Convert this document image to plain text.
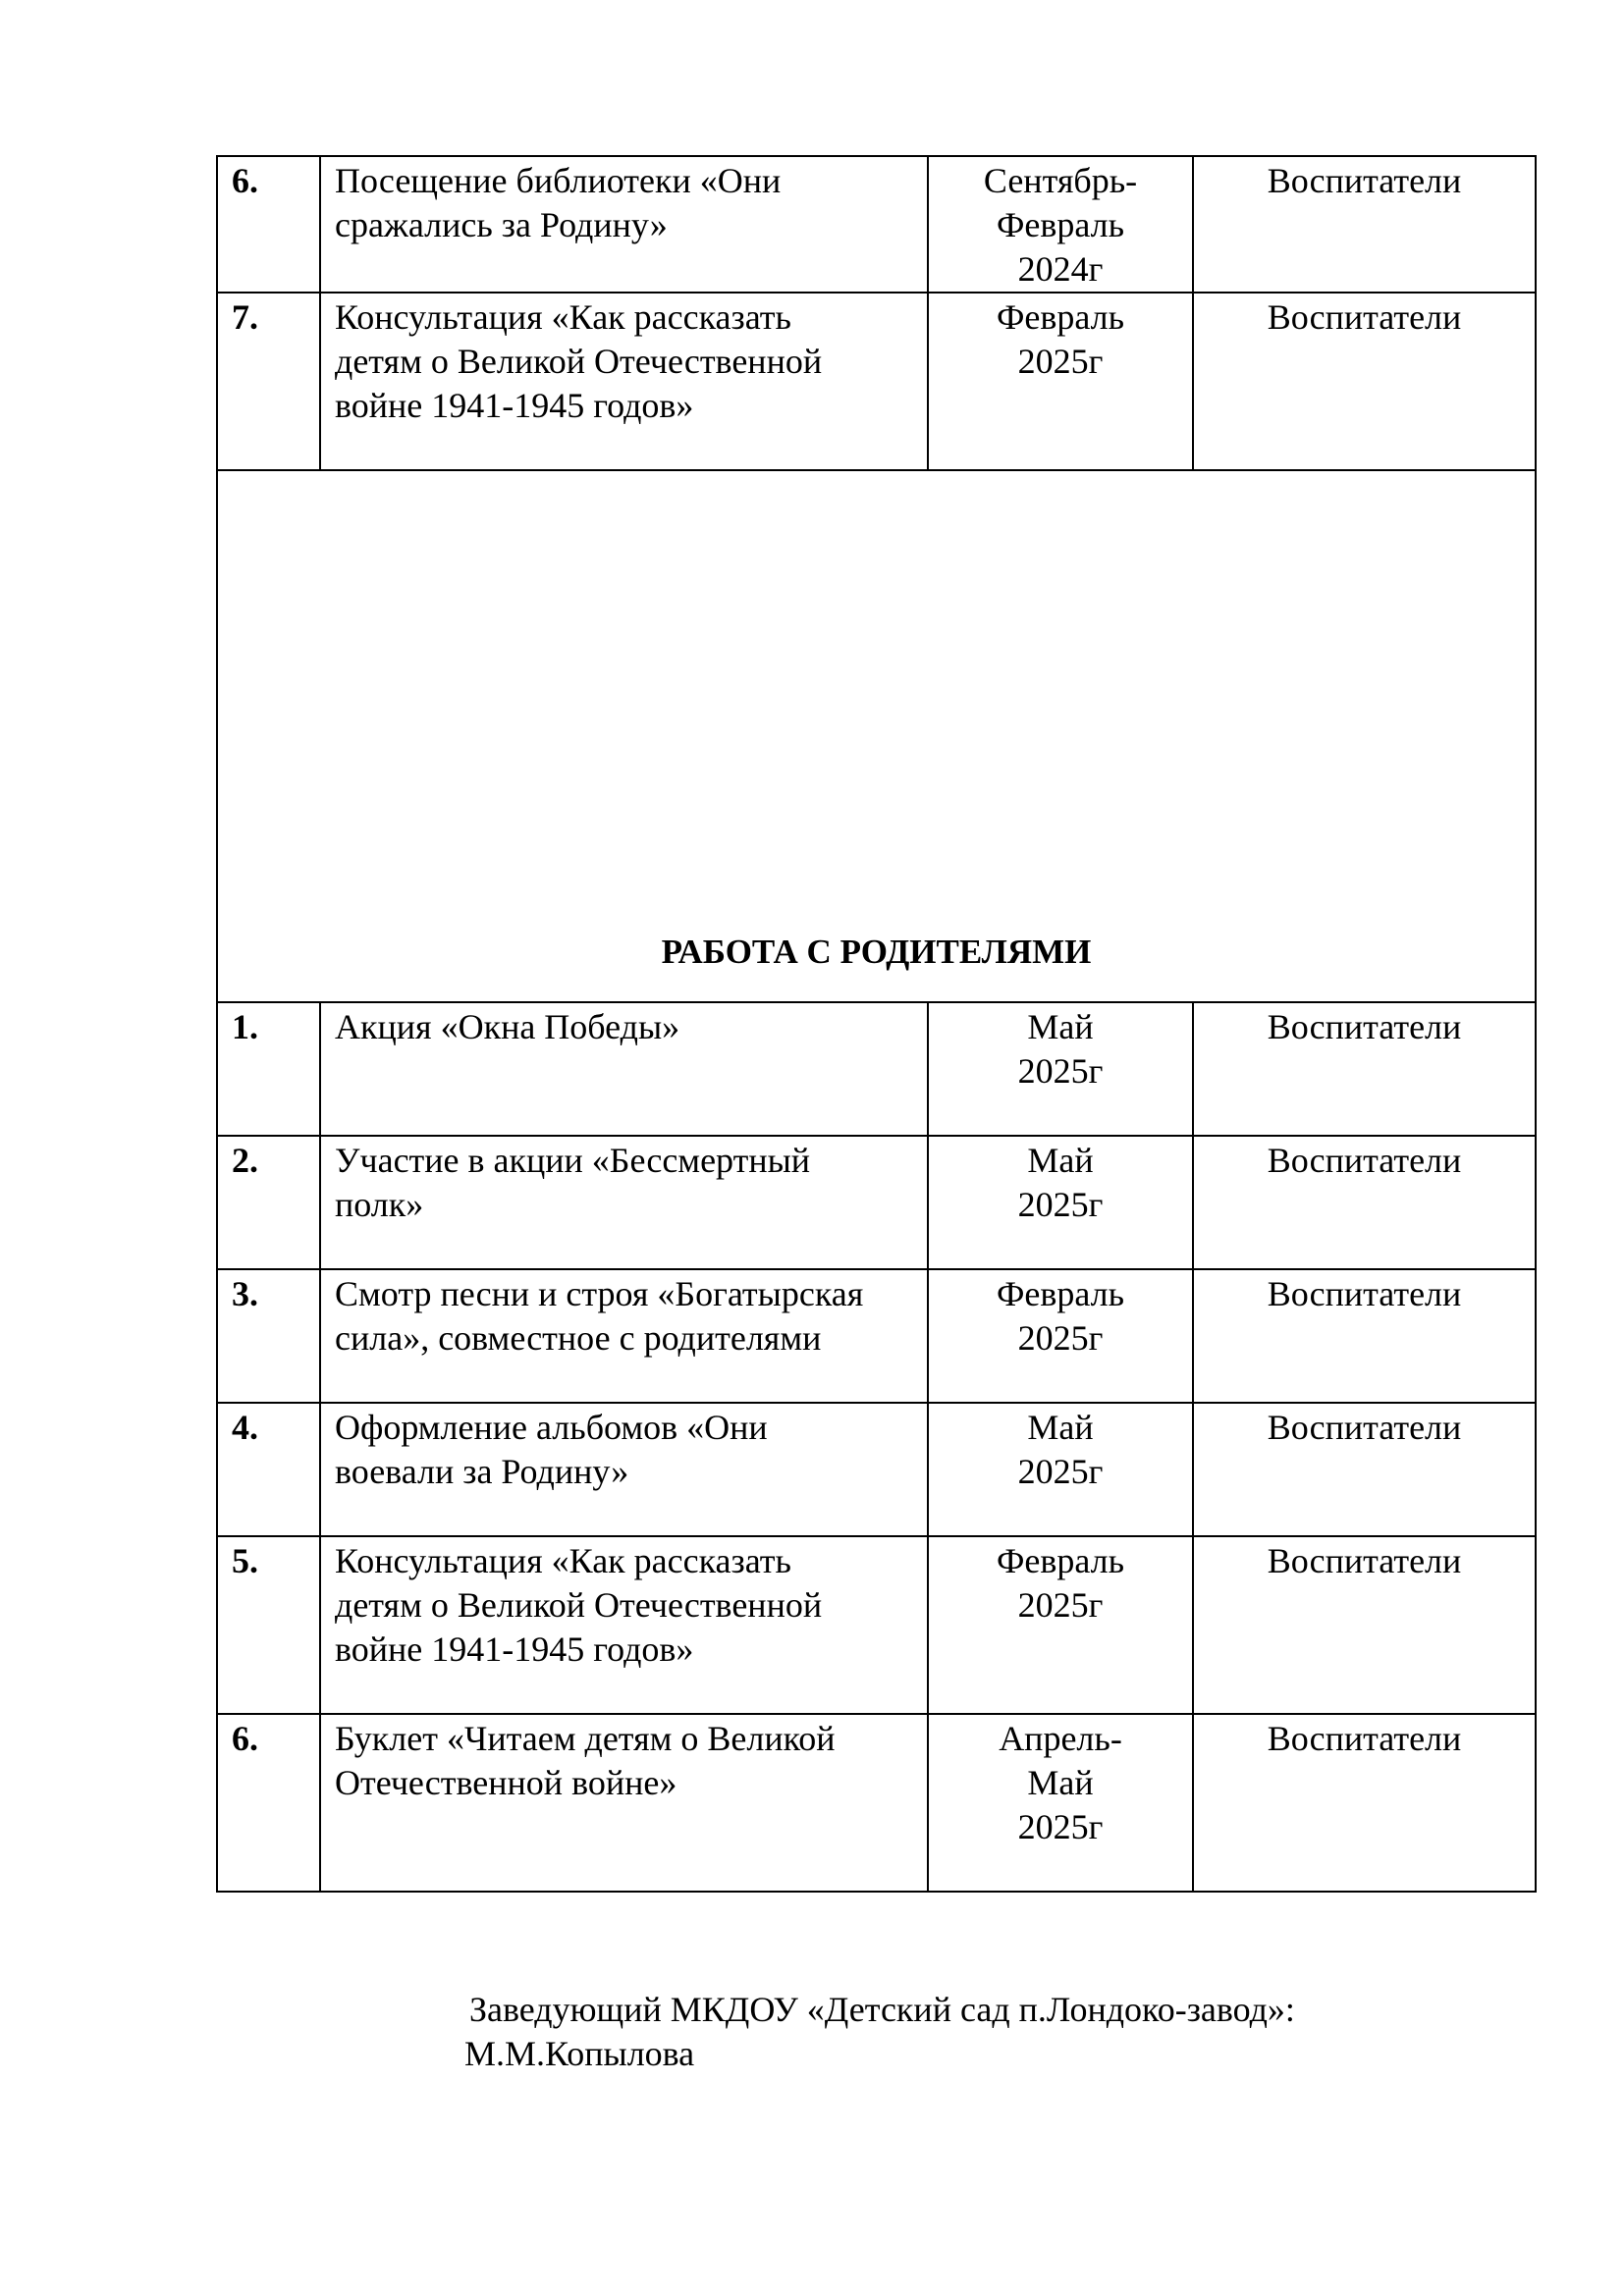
6.	Посещение библиотеки «Они
сражались за Родину»	Сентябрь-
Февраль
2024г	Воспитатели
7.	Консультация «Как рассказать
детям о Великой Отечественной
войне 1941-1945 годов»	Февраль
2025г	Воспитатели
РАБОТА С РОДИТЕЛЯМИ			
1.	Акция «Окна Победы»	Май
2025г	Воспитатели
2.	Участие в акции «Бессмертный
полк»	Май
2025г	Воспитатели
3.	Смотр песни и строя «Богатырская
сила», совместное с родителями	Февраль
2025г	Воспитатели
4.	Оформление альбомов «Они
воевали за Родину»	Май
2025г	Воспитатели
5.	Консультация «Как рассказать
детям о Великой Отечественной
войне 1941-1945 годов»	Февраль
2025г	Воспитатели
6.	Буклет «Читаем детям о Великой
Отечественной войне»	Апрель-
Май
2025г	Воспитатели
Заведующий МКДОУ «Детский сад п.Лондоко-завод»:
М.М.Копылова
